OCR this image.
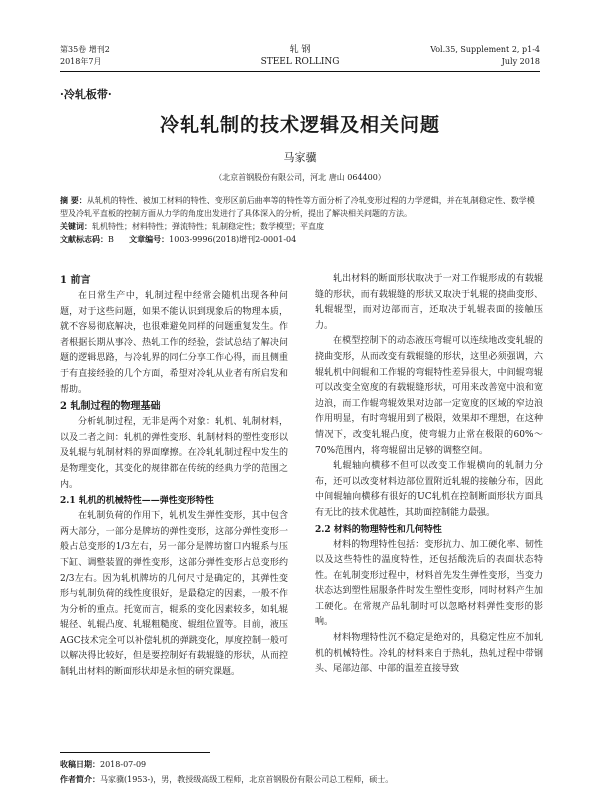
第35卷 增刊2
2018年7月
轧 钢
STEEL ROLLING
Vol.35, Supplement 2, p1-4
July 2018
·冷轧板带·
冷轧轧制的技术逻辑及相关问题
马家骥
（北京首钢股份有限公司，河北 唐山 064400）

摘 要：从轧机的特性、被加工材料的特性、变形区前后曲率等的特性等方面分析了冷轧变形过程的力学逻辑，并在轧制稳定性、数学模型及冷轧平直板的控制方面从力学的角度出发进行了具体深入的分析，提出了解决相关问题的方法。

关键词：轧机特性；材料特性；弹流特性；轧制稳定性；数学模型；平直度

文献标志码：B 文章编号：1003-9996(2018)增刊2-0001-04

1 前言

在日常生产中，轧制过程中经常会随机出现各种问题，对于这些问题，如果不能认识到现象后的物理本质，就不容易彻底解决，也很难避免同样的问题重复发生。作者根据长期从事冷、热轧工作的经验，尝试总结了解决问题的逻辑思路，与冷轧界的同仁分享工作心得，而且侧重于有直接经验的几个方面，希望对冷轧从业者有所启发和帮助。

2 轧制过程的物理基础

分析轧制过程，无非是两个对象：轧机、轧制材料，以及二者之间：轧机的弹性变形、轧制材料的塑性变形以及轧辊与轧制材料的界面摩擦。在冷轧轧制过程中发生的是物理变化，其变化的规律都在传统的经典力学的范围之内。

2.1 轧机的机械特性——弹性变形特性

在轧制负荷的作用下，轧机发生弹性变形，其中包含两大部分，一部分是牌坊的弹性变形，这部分弹性变形一般占总变形的1/3左右，另一部分是牌坊窗口内辊系与压下缸、调整装置的弹性变形，这部分弹性变形占总变形约2/3左右。因为轧机牌坊的几何尺寸是确定的，其弹性变形与轧制负荷的线性度很好，是最稳定的因素，一般不作为分析的重点。托宽而言，辊系的变化因素较多，如轧辊辊径、轧辊凸度、轧辊粗糙度、辊组位置等。目前，液压AGC技术完全可以补偿轧机的弹跳变化，厚度控制一般可以解决得比较好，但是要控制好有载辊缝的形状，从而控制轧出材料的断面形状却是永恒的研究课题。

轧出材料的断面形状取决于一对工作辊形成的有载辊缝的形状，而有载辊缝的形状又取决于轧辊的挠曲变形、轧辊辊型，而对边部而言，还取决于轧辊表面的接触压力。

在模型控制下的动态液压弯辊可以连续地改变轧辊的挠曲变形，从而改变有载辊缝的形状，这里必须强调，六辊轧机中间辊和工作辊的弯辊特性差异很大，中间辊弯辊可以改变全宽度的有载辊缝形状，可用来改善宽中浪和宽边浪，而工作辊弯辊效果对边部一定宽度的区域的窄边浪作用明显，有时弯辊用到了极限，效果却不理想，在这种情况下，改变轧辊凸度，使弯辊力止常在极限的60%～70%范围内，将弯辊留出足够的调整空间。

轧辊轴向横移不但可以改变工作辊横向的轧制力分布，还可以改变材料边部位置附近轧辊的接触分布，因此中间辊轴向横移有很好的UC轧机在控制断面形状方面具有无比的技术优越性，其助面控制能力最强。

2.2 材料的物理特性和几何特性

材料的物理特性包括：变形抗力、加工硬化率、韧性以及这些特性的温度特性，还包括酸洗后的表面状态特性。在轧制变形过程中，材料首先发生弹性变形，当变力状态达到塑性屈服条件时发生塑性变形，同时材料产生加工硬化。在常规产品轧制时可以忽略材料弹性变形的影响。

材料物理特性沉不稳定是绝对的，具稳定性应不加轧机的机械特性。冷轧的材料来自于热轧，热轧过程中带钢头、尾部边部、中部的温差直接导致

收稿日期：2018-07-09

作者简介：马家骥(1953-)，男，教授级高级工程师，北京首钢股份有限公司总工程师，硕士。
